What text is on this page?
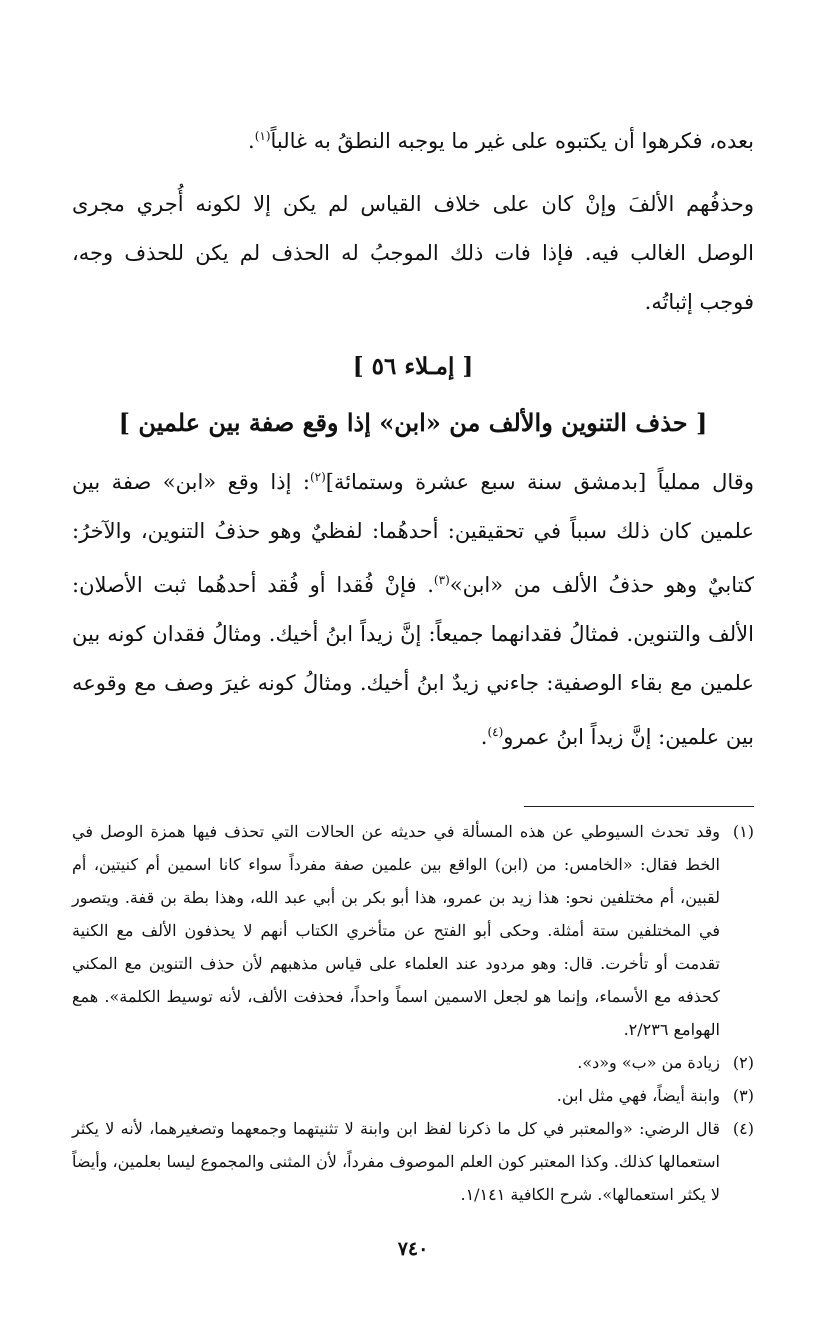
بعده، فكرهوا أن يكتبوه على غير ما يوجبه النطقُ به غالباً$^{(١)}$.

وحذفُهم الألفَ وإنْ كان على خلاف القياس لم يكن إلا لكونه أُجري مجرى الوصل الغالب فيه. فإذا فات ذلك الموجبُ له الحذف لم يكن للحذف وجه، فوجب إثباتُه.

[ إمـلاء ٥٦ ]
[ حذف التنوين والألف من «ابن» إذا وقع صفة بين علمين ]

وقال مملياً [بدمشق سنة سبع عشرة وستمائة]$^{(٢)}$: إذا وقع «ابن» صفة بين علمين كان ذلك سبباً في تحقيقين: أحدهُما: لفظيٌ وهو حذفُ التنوين، والآخرُ: كتابيٌ وهو حذفُ الألف من «ابن»$^{(٣)}$. فإنْ فُقدا أو فُقد أحدهُما ثبت الأصلان: الألف والتنوين. فمثالُ فقدانهما جميعاً: إنَّ زيداً ابنُ أخيك. ومثالُ فقدان كونه بين علمين مع بقاء الوصفية: جاءني زيدٌ ابنُ أخيك. ومثالُ كونه غيرَ وصف مع وقوعه بين علمين: إنَّ زيداً ابنُ عمرو$^{(٤)}$.

(١)
وقد تحدث السيوطي عن هذه المسألة في حديثه عن الحالات التي تحذف فيها همزة الوصل في الخط فقال: «الخامس: من (ابن) الواقع بين علمين صفة مفرداً سواء كانا اسمين أم كنيتين، أم لقبين، أم مختلفين نحو: هذا زيد بن عمرو، هذا أبو بكر بن أبي عبد الله، وهذا بطة بن قفة. ويتصور في المختلفين ستة أمثلة. وحكى أبو الفتح عن متأخري الكتاب أنهم لا يحذفون الألف مع الكنية تقدمت أو تأخرت. قال: وهو مردود عند العلماء على قياس مذهبهم لأن حذف التنوين مع المكني كحذفه مع الأسماء، وإنما هو لجعل الاسمين اسماً واحداً، فحذفت الألف، لأنه توسيط الكلمة». همع الهوامع ٢/٢٣٦.
(٢)
زيادة من «ب» و«د».
(٣)
وابنة أيضاً، فهي مثل ابن.
(٤)
قال الرضي: «والمعتبر في كل ما ذكرنا لفظ ابن وابنة لا تثنيتهما وجمعهما وتصغيرهما، لأنه لا يكثر استعمالها كذلك. وكذا المعتبر كون العلم الموصوف مفرداً، لأن المثنى والمجموع ليسا بعلمين، وأيضاً لا يكثر استعمالها». شرح الكافية ١/١٤١.
٧٤٠
